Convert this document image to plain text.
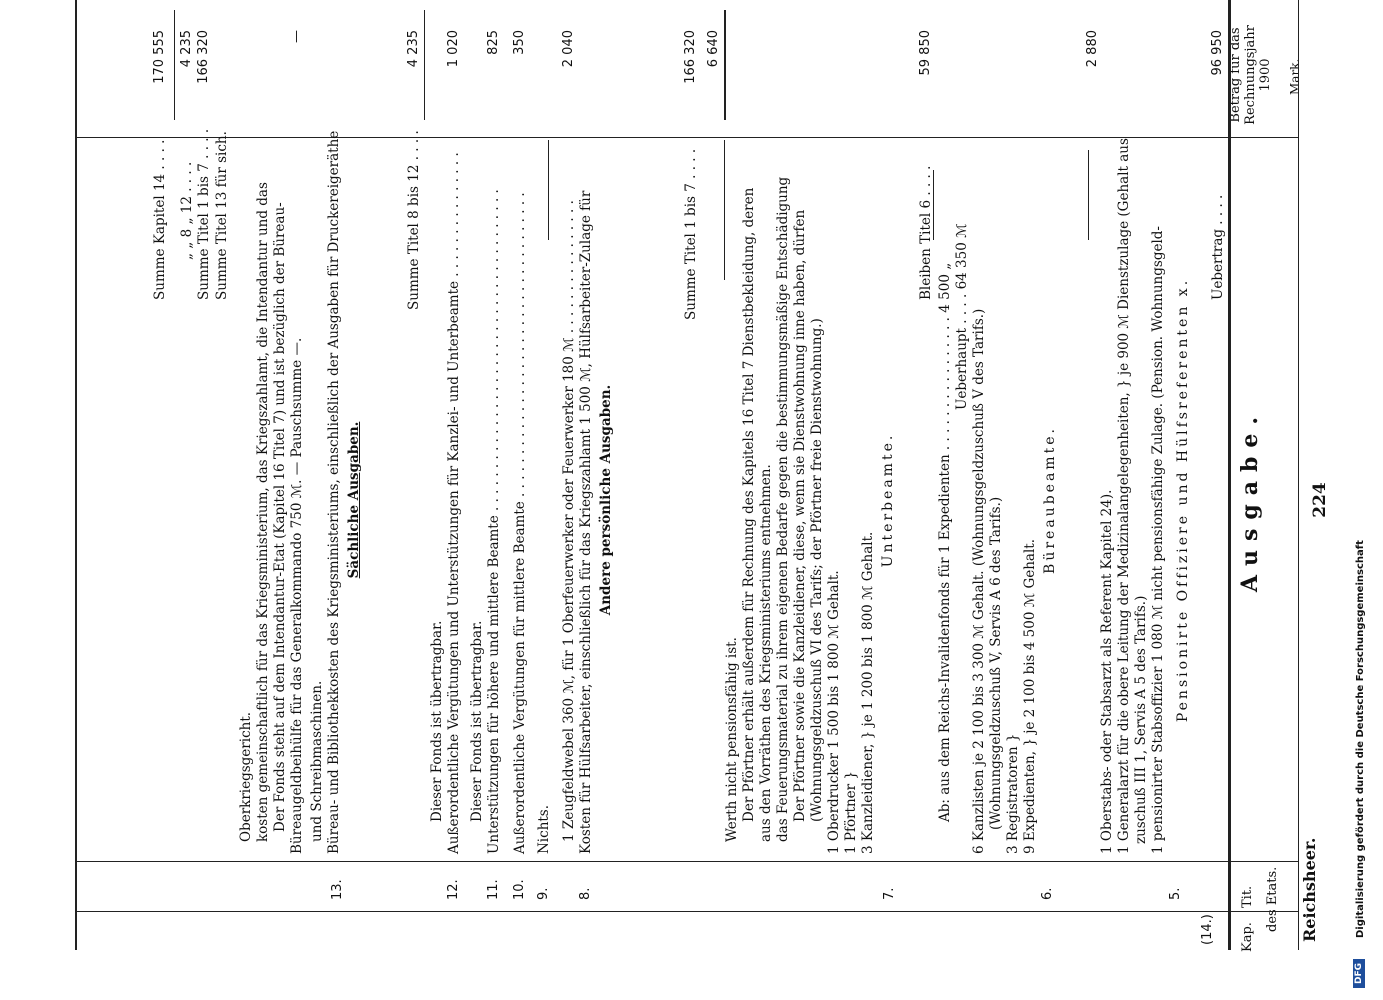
Reichsheer.
224
Kap.
Tit. des Etats.
Ausgabe.
Betrag für das Rechnungsjahr 1900 Mark.
(14.)
Uebertrag . . . .
96 950
5.
Pensionirte Offiziere und Hülfsreferenten x.
1 pensionirter Stabsoffizier 1 080 ℳ nicht pensionsfähige Zulage. (Pension. Wohnungsgeld-
zuschuß III 1, Servis A 5 des Tarifs.)
1 Generalarzt für die obere Leitung der Medizinalangelegenheiten, } je 900 ℳ Dienstzulage (Gehalt aus
1 Oberstabs- oder Stabsarzt als Referent Kapitel 24).
2 880
6.
Büreaubeamte.
9 Expedienten, } je 2 100 bis 4 500 ℳ Gehalt.
3 Registratoren }
(Wohnungsgeldzuschuß V, Servis A 6 des Tarifs.)
6 Kanzlisten je 2 100 bis 3 300 ℳ Gehalt. (Wohnungsgeldzuschuß V des Tarifs.)
Ueberhaupt . . . . 64 350 ℳ
Ab: aus dem Reichs-Invalidenfonds für 1 Expedienten . . . . . . . . . . . . . . . . 4 500 „
Bleiben Titel 6 . . . .
59 850
7.
Unterbeamte.
3 Kanzleidiener, } je 1 200 bis 1 800 ℳ Gehalt.
1 Pförtner }
1 Oberdrucker 1 500 bis 1 800 ℳ Gehalt.
(Wohnungsgeldzuschuß VI des Tarifs; der Pförtner freie Dienstwohnung.)
Der Pförtner sowie die Kanzleidiener, diese, wenn sie Dienstwohnung inne haben, dürfen
das Feuerungsmaterial zu ihrem eigenen Bedarfe gegen die bestimmungsmäßige Entschädigung
aus den Vorräthen des Kriegsministeriums entnehmen.
Der Pförtner erhält außerdem für Rechnung des Kapitels 16 Titel 7 Dienstbekleidung, deren
Werth nicht pensionsfähig ist.
6 640
Summe Titel 1 bis 7 . . . .
166 320
Andere persönliche Ausgaben.
8.
Kosten für Hülfsarbeiter, einschließlich für das Kriegszahlamt 1 500 ℳ, Hülfsarbeiter-Zulage für
1 Zeugfeldwebel 360 ℳ, für 1 Oberfeuerwerker oder Feuerwerker 180 ℳ . . . . . . . . . . . . . . . .
2 040
9.
Nichts.
10.
Außerordentliche Vergütungen für mittlere Beamte . . . . . . . . . . . . . . . . . . . . . . . . . . . . . . . . . . . .
350
11.
Unterstützungen für höhere und mittlere Beamte . . . . . . . . . . . . . . . . . . . . . . . . . . . . . . . . . . . . . .
Dieser Fonds ist übertragbar.
825
12.
Außerordentliche Vergütungen und Unterstützungen für Kanzlei- und Unterbeamte . . . . . . . . . . . . . . .
Dieser Fonds ist übertragbar.
1 020
Summe Titel 8 bis 12 . . . .
4 235
Sächliche Ausgaben.
13.
Büreau- und Bibliothekkosten des Kriegsministeriums, einschließlich der Ausgaben für Druckereigeräthe
und Schreibmaschinen.
Büreaugeldbeihülfe für das Generalkommando 750 ℳ. — Pauschsumme —.
Der Fonds steht auf dem Intendantur-Etat (Kapitel 16 Titel 7) und ist bezüglich der Büreau-
kosten gemeinschaftlich für das Kriegsministerium, das Kriegszahlamt, die Intendantur und das
Oberkriegsgericht.
—
Summe Titel 13 für sich.
Summe Titel 1 bis 7 . . . .
166 320
„ „ 8 „ 12 . . . .
4 235
Summe Kapitel 14 . . . .
170 555
Digitalisierung gefördert durch die Deutsche Forschungsgemeinschaft
DFG
